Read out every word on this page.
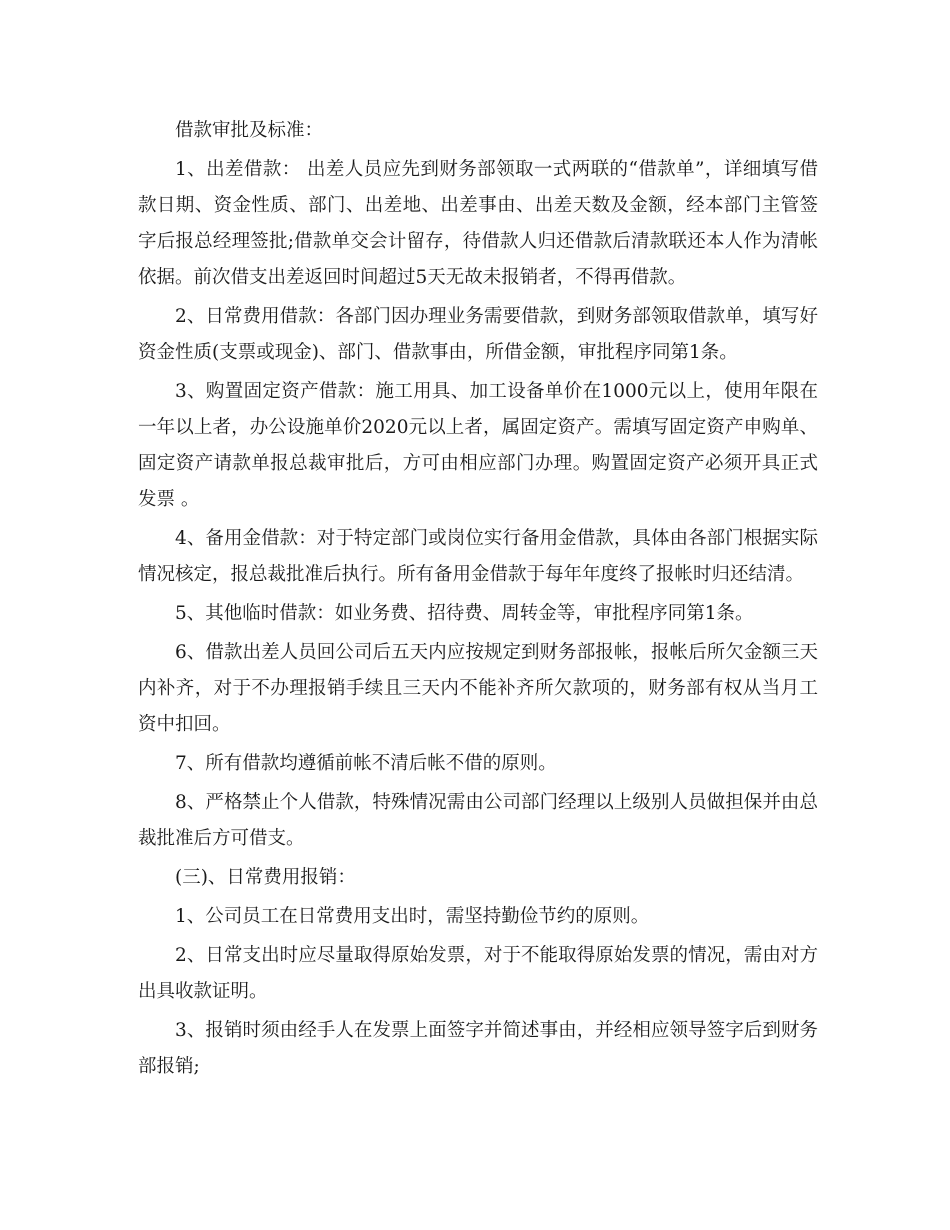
借款审批及标准：

1、出差借款： 出差人员应先到财务部领取一式两联的“借款单”，详细填写借款日期、资金性质、部门、出差地、出差事由、出差天数及金额，经本部门主管签字后报总经理签批;借款单交会计留存，待借款人归还借款后清款联还本人作为清帐依据。前次借支出差返回时间超过5天无故未报销者，不得再借款。

2、日常费用借款：各部门因办理业务需要借款，到财务部领取借款单，填写好资金性质(支票或现金)、部门、借款事由，所借金额，审批程序同第1条。

3、购置固定资产借款：施工用具、加工设备单价在1000元以上，使用年限在一年以上者，办公设施单价2020元以上者，属固定资产。需填写固定资产申购单、固定资产请款单报总裁审批后，方可由相应部门办理。购置固定资产必须开具正式发票 。

4、备用金借款：对于特定部门或岗位实行备用金借款，具体由各部门根据实际情况核定，报总裁批准后执行。所有备用金借款于每年年度终了报帐时归还结清。

5、其他临时借款：如业务费、招待费、周转金等，审批程序同第1条。

6、借款出差人员回公司后五天内应按规定到财务部报帐，报帐后所欠金额三天内补齐，对于不办理报销手续且三天内不能补齐所欠款项的，财务部有权从当月工资中扣回。

7、所有借款均遵循前帐不清后帐不借的原则。

8、严格禁止个人借款，特殊情况需由公司部门经理以上级别人员做担保并由总裁批准后方可借支。

(三)、日常费用报销：

1、公司员工在日常费用支出时，需坚持勤俭节约的原则。

2、日常支出时应尽量取得原始发票，对于不能取得原始发票的情况，需由对方出具收款证明。

3、报销时须由经手人在发票上面签字并简述事由，并经相应领导签字后到财务部报销;
